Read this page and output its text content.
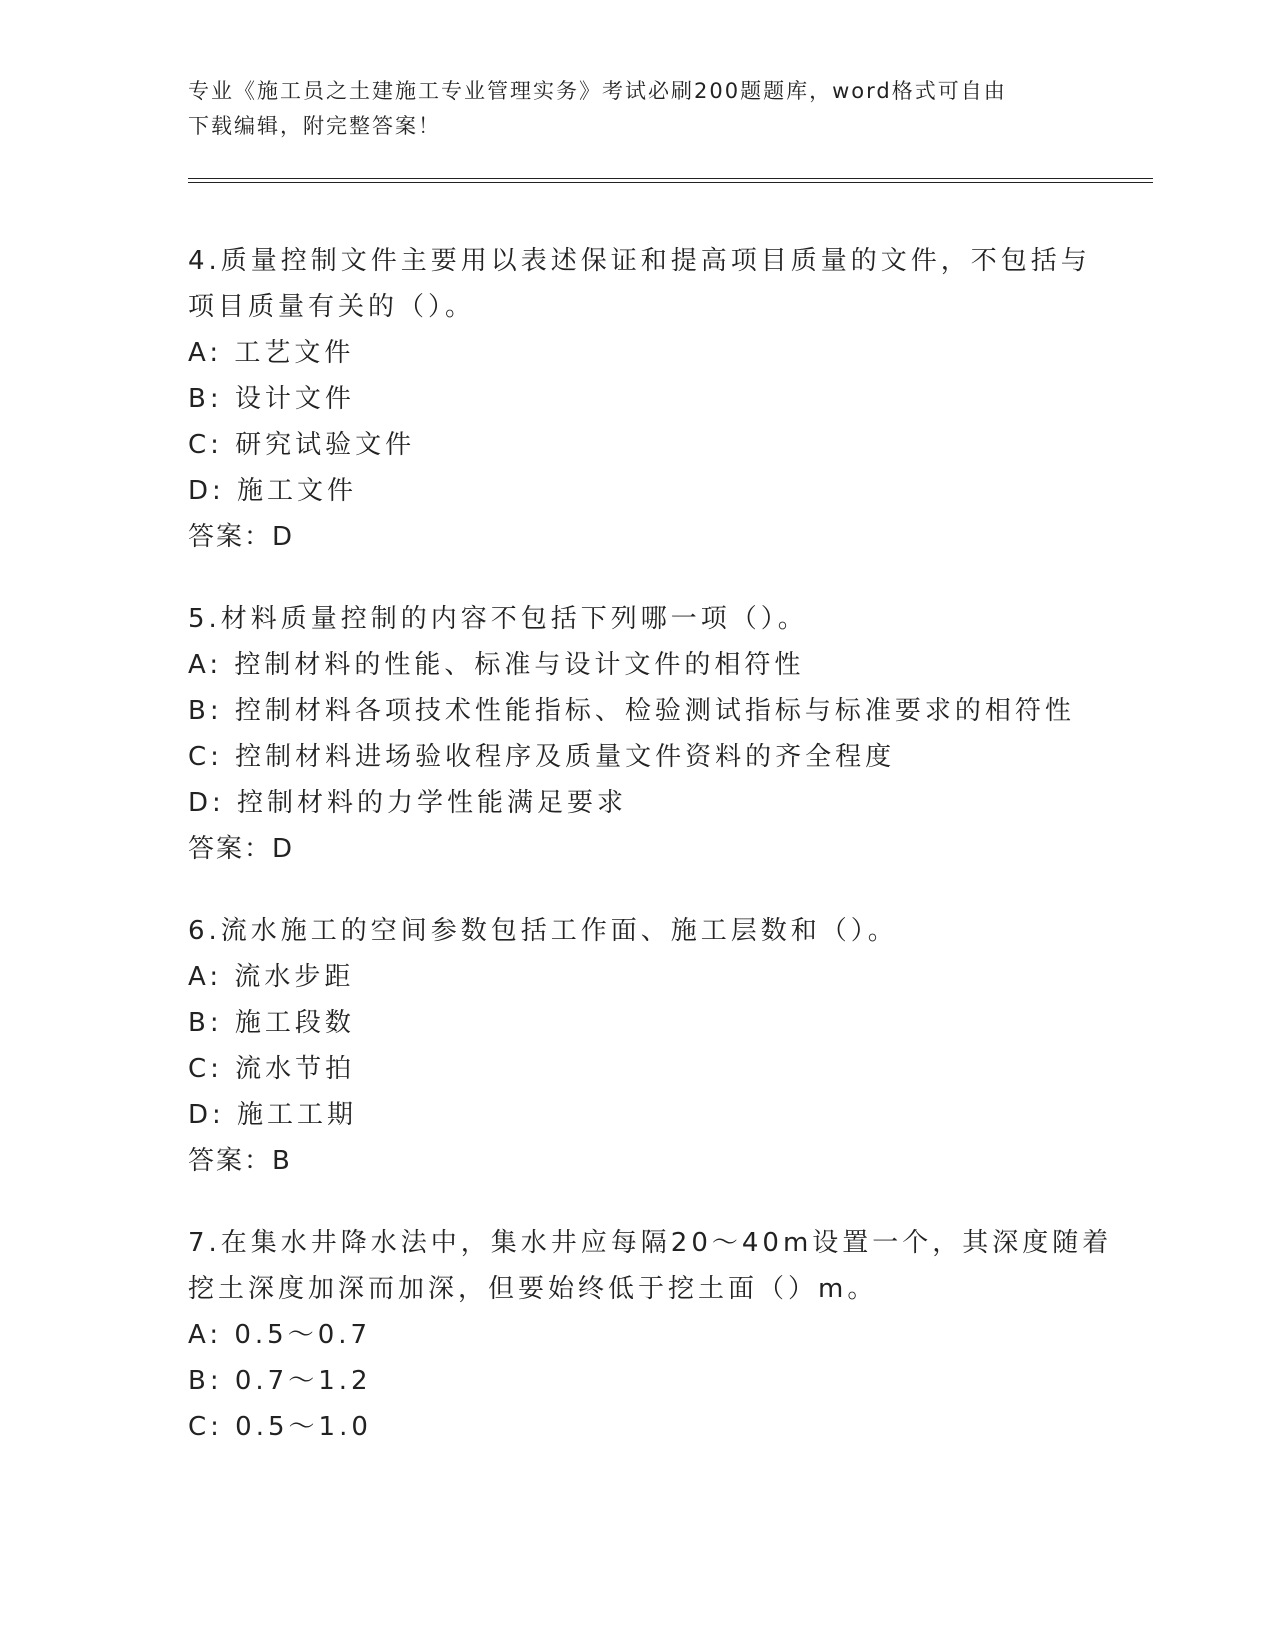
专业《施工员之土建施工专业管理实务》考试必刷200题题库，word格式可自由
下载编辑，附完整答案！
4.质量控制文件主要用以表述保证和提高项目质量的文件，不包括与
项目质量有关的（）。
A: 工艺文件
B: 设计文件
C: 研究试验文件
D: 施工文件
答案：D
5.材料质量控制的内容不包括下列哪一项（）。
A: 控制材料的性能、标准与设计文件的相符性
B: 控制材料各项技术性能指标、检验测试指标与标准要求的相符性
C: 控制材料进场验收程序及质量文件资料的齐全程度
D: 控制材料的力学性能满足要求
答案：D
6.流水施工的空间参数包括工作面、施工层数和（）。
A: 流水步距
B: 施工段数
C: 流水节拍
D: 施工工期
答案：B
7.在集水井降水法中，集水井应每隔20～40m设置一个，其深度随着
挖土深度加深而加深，但要始终低于挖土面（）m。
A: 0.5～0.7
B: 0.7～1.2
C: 0.5～1.0
